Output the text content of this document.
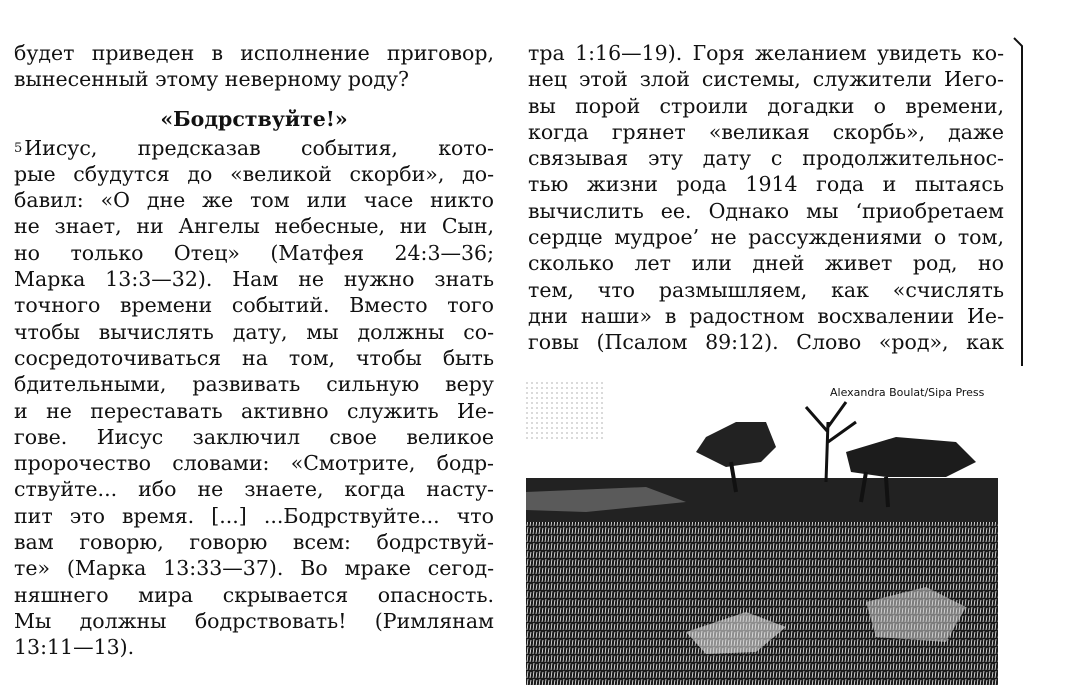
будет приведен в исполнение приговор,
вынесенный этому неверному роду?
«Бодрствуйте!»
$^5$Иисус, предсказав события, кото-
рые сбудутся до «великой скорби», до-
бавил: «О дне же том или часе никто
не знает, ни Ангелы небесные, ни Сын,
но только Отец» (Матфея 24:3—36;
Марка 13:3—32). Нам не нужно знать
точного времени событий. Вместо того
чтобы вычислять дату, мы должны со-
сосредоточиваться на том, чтобы быть
бдительными, развивать сильную веру
и не переставать активно служить Ие-
гове. Иисус заключил свое великое
пророчество словами: «Смотрите, бодр-
ствуйте... ибо не знаете, когда насту-
пит это время. [...] ...Бодрствуйте... что
вам говорю, говорю всем: бодрствуй-
те» (Марка 13:33—37). Во мраке сегод-
няшнего мира скрывается опасность.
Мы должны бодрствовать! (Римлянам
13:11—13).
тра 1:16—19). Горя желанием увидеть ко-
нец этой злой системы, служители Иего-
вы порой строили догадки о времени,
когда грянет «великая скорбь», даже
связывая эту дату с продолжительнос-
тью жизни рода 1914 года и пытаясь
вычислить ее. Однако мы ‘приобретаем
сердце мудрое’ не рассуждениями о том,
сколько лет или дней живет род, но
тем, что размышляем, как «счислять
дни наши» в радостном восхвалении Ие-
говы (Псалом 89:12). Слово «род», как
Alexandra Boulat/Sipa Press
